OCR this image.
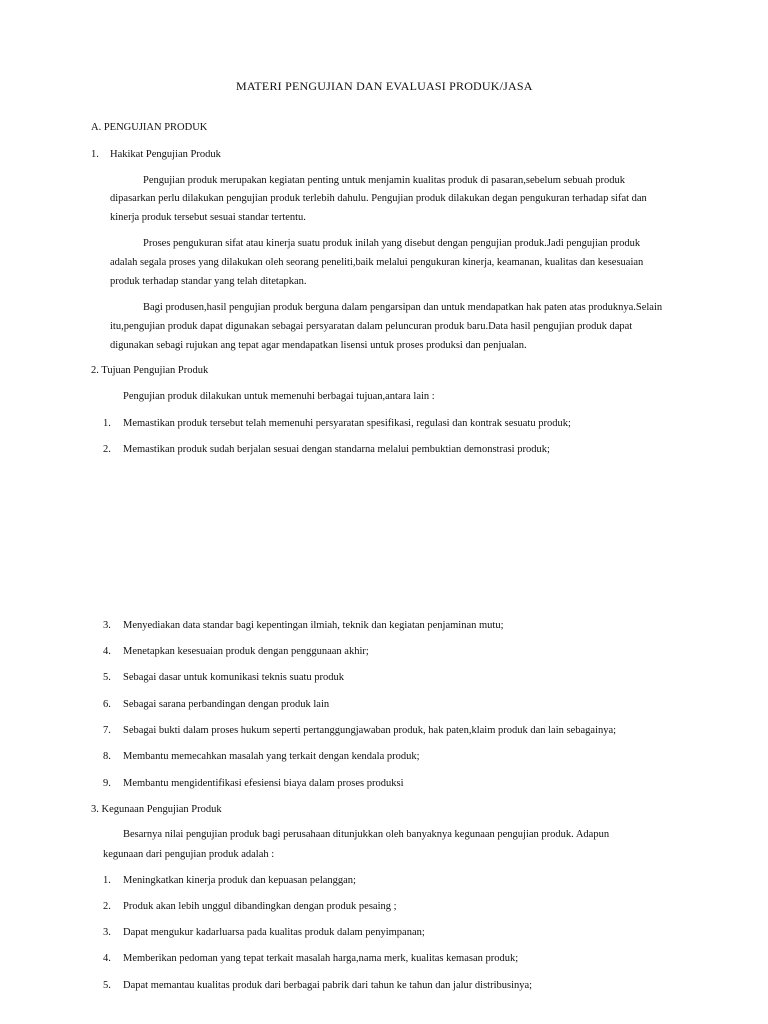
MATERI PENGUJIAN DAN EVALUASI PRODUK/JASA
A. PENGUJIAN PRODUK
1. Hakikat Pengujian Produk
Pengujian produk merupakan kegiatan penting untuk menjamin kualitas produk di pasaran,sebelum sebuah produk
dipasarkan perlu dilakukan pengujian produk terlebih dahulu. Pengujian produk dilakukan degan pengukuran terhadap sifat dan
kinerja produk tersebut sesuai standar tertentu.
Proses pengukuran sifat atau kinerja suatu produk inilah yang disebut dengan pengujian produk.Jadi pengujian produk
adalah segala proses yang dilakukan oleh seorang peneliti,baik melalui pengukuran kinerja, keamanan, kualitas dan kesesuaian
produk terhadap standar yang telah ditetapkan.
Bagi produsen,hasil pengujian produk berguna dalam pengarsipan dan untuk mendapatkan hak paten atas produknya.Selain
itu,pengujian produk dapat digunakan sebagai persyaratan dalam peluncuran produk baru.Data hasil pengujian produk dapat
digunakan sebagi rujukan ang tepat agar mendapatkan lisensi untuk proses produksi dan penjualan.
2. Tujuan Pengujian Produk
Pengujian produk dilakukan untuk memenuhi berbagai tujuan,antara lain :
1. Memastikan produk tersebut telah memenuhi persyaratan spesifikasi, regulasi dan kontrak sesuatu produk;
2. Memastikan produk sudah berjalan sesuai dengan standarna melalui pembuktian demonstrasi produk;
3. Menyediakan data standar bagi kepentingan ilmiah, teknik dan kegiatan penjaminan mutu;
4. Menetapkan kesesuaian produk dengan penggunaan akhir;
5. Sebagai dasar untuk komunikasi teknis suatu produk
6. Sebagai sarana perbandingan dengan produk lain
7. Sebagai bukti dalam proses hukum seperti pertanggungjawaban produk, hak paten,klaim produk dan lain sebagainya;
8. Membantu memecahkan masalah yang terkait dengan kendala produk;
9. Membantu mengidentifikasi efesiensi biaya dalam proses produksi
3. Kegunaan Pengujian Produk
Besarnya nilai pengujian produk bagi perusahaan ditunjukkan oleh banyaknya kegunaan pengujian produk. Adapun
kegunaan dari pengujian produk adalah :
1. Meningkatkan kinerja produk dan kepuasan pelanggan;
2. Produk akan lebih unggul dibandingkan dengan produk pesaing ;
3. Dapat mengukur kadarluarsa pada kualitas produk dalam penyimpanan;
4. Memberikan pedoman yang tepat terkait masalah harga,nama merk, kualitas kemasan produk;
5. Dapat memantau kualitas produk dari berbagai pabrik dari tahun ke tahun dan jalur distribusinya;
